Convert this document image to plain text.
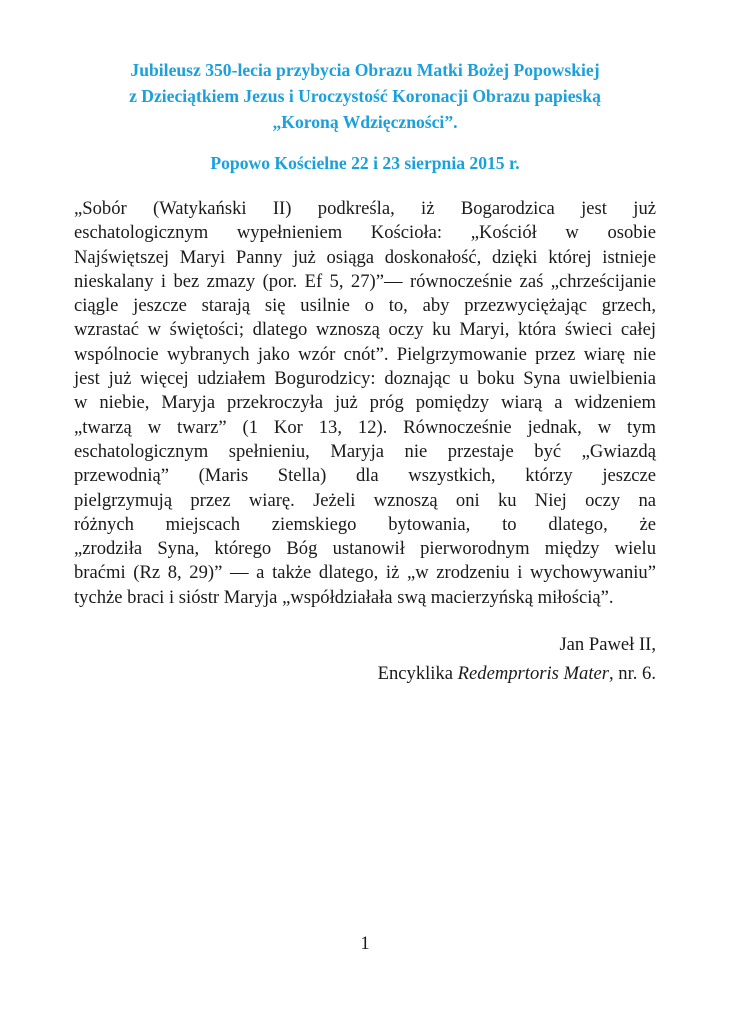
Jubileusz 350-lecia przybycia Obrazu Matki Bożej Popowskiej
z Dzieciątkiem Jezus i Uroczystość Koronacji Obrazu papieską
„Koroną Wdzięczności”.
Popowo Kościelne 22 i 23 sierpnia 2015 r.
„Sobór (Watykański II) podkreśla, iż Bogarodzica jest już
eschatologicznym wypełnieniem Kościoła: „Kościół w osobie
Najświętszej Maryi Panny już osiąga doskonałość, dzięki której istnieje
nieskalany i bez zmazy (por. Ef 5, 27)”— równocześnie zaś „chrześcijanie
ciągle jeszcze starają się usilnie o to, aby przezwyciężając grzech,
wzrastać w świętości; dlatego wznoszą oczy ku Maryi, która świeci całej
wspólnocie wybranych jako wzór cnót”. Pielgrzymowanie przez wiarę nie
jest już więcej udziałem Bogurodzicy: doznając u boku Syna uwielbienia
w niebie, Maryja przekroczyła już próg pomiędzy wiarą a widzeniem
„twarzą w twarz” (1 Kor 13, 12). Równocześnie jednak, w tym
eschatologicznym spełnieniu, Maryja nie przestaje być „Gwiazdą
przewodnią” (Maris Stella) dla wszystkich, którzy jeszcze
pielgrzymują przez wiarę. Jeżeli wznoszą oni ku Niej oczy na
różnych miejscach ziemskiego bytowania, to dlatego, że
„zrodziła Syna, którego Bóg ustanowił pierworodnym między wielu
braćmi (Rz 8, 29)” — a także dlatego, iż „w zrodzeniu i wychowywaniu”
tychże braci i sióstr Maryja „współdziałała swą macierzyńską miłością”.
Jan Paweł II,
Encyklika Redemprtoris Mater, nr. 6.
1
